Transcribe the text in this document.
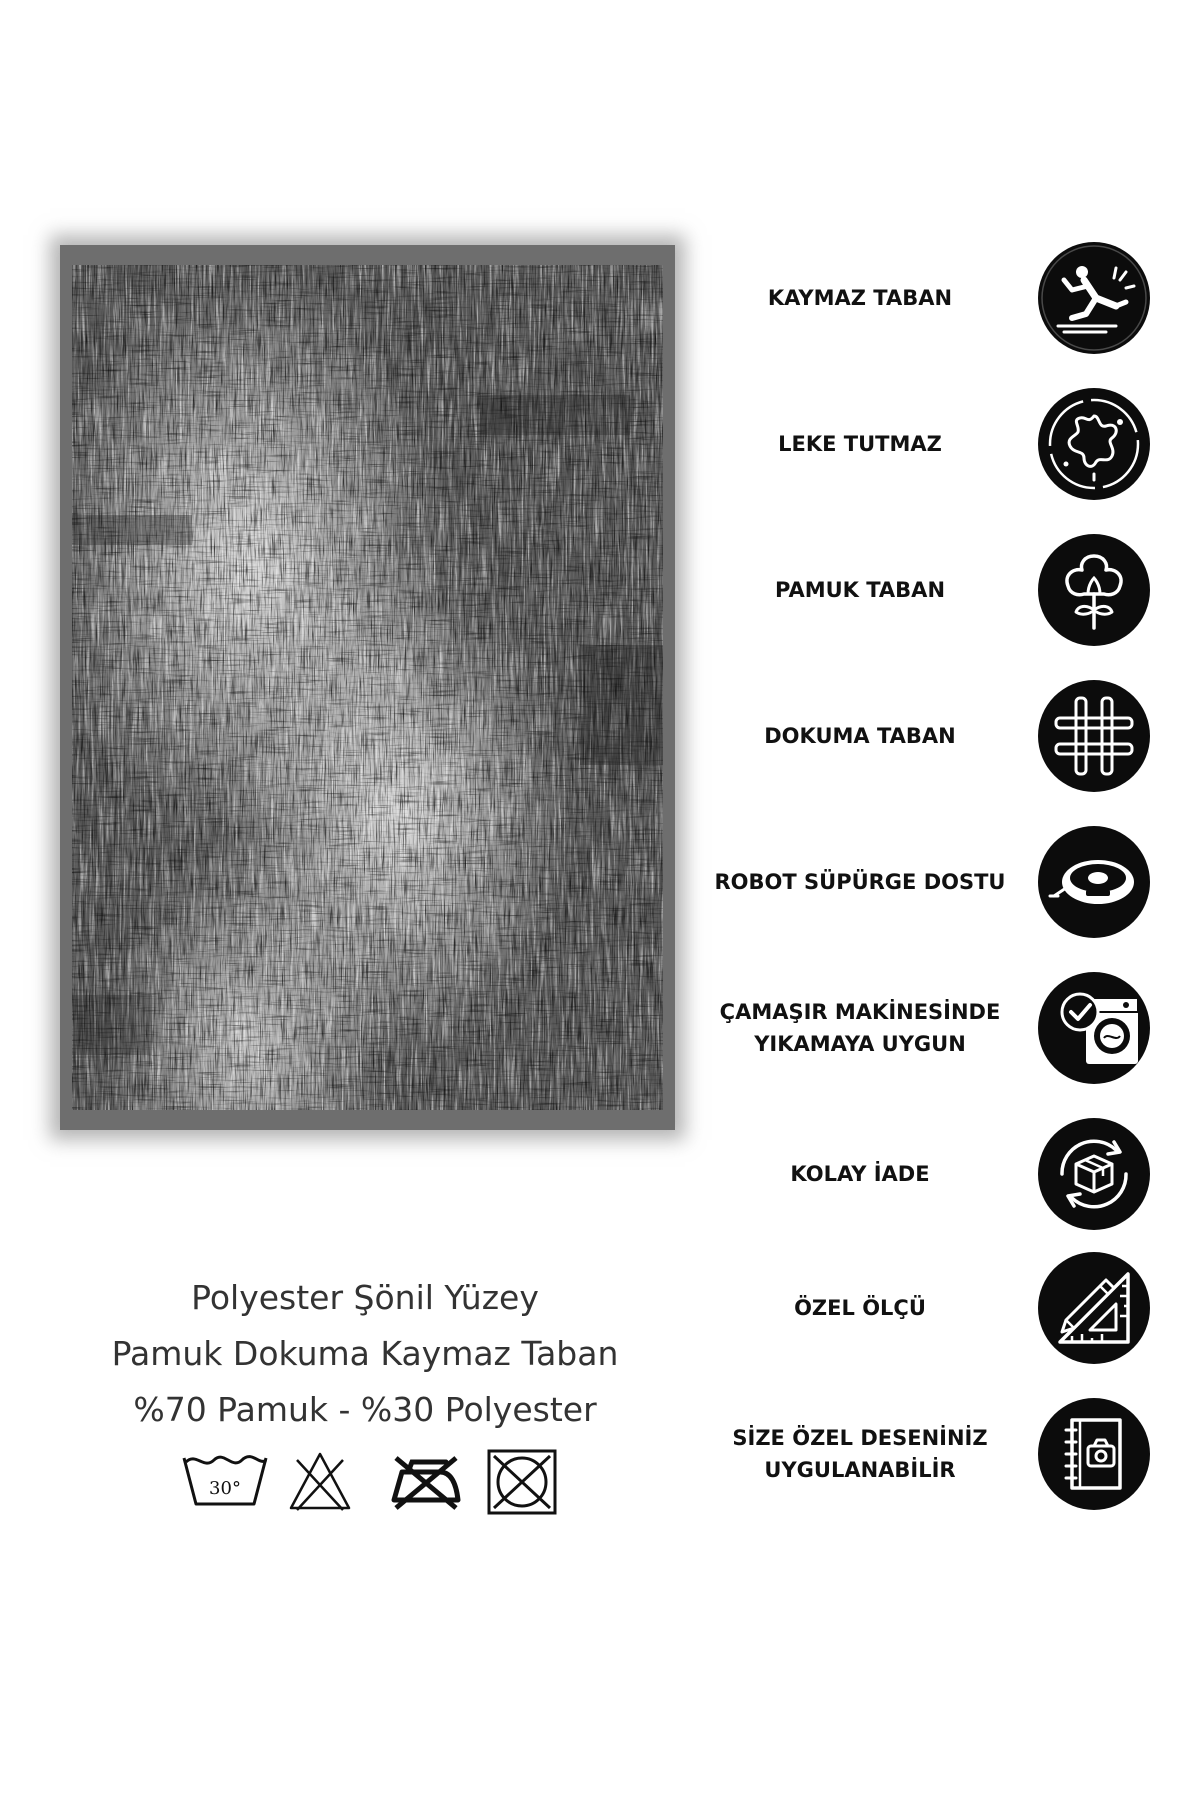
KAYMAZ TABAN
LEKE TUTMAZ
PAMUK TABAN
DOKUMA TABAN
ROBOT SÜPÜRGE DOSTU
ÇAMAŞIR MAKİNESİNDE
YIKAMAYA UYGUN
KOLAY İADE
ÖZEL ÖLÇÜ
SİZE ÖZEL DESENİNİZ
UYGULANABİLİR
Polyester Şönil Yüzey
Pamuk Dokuma Kaymaz Taban
%70 Pamuk - %30 Polyester
30°
